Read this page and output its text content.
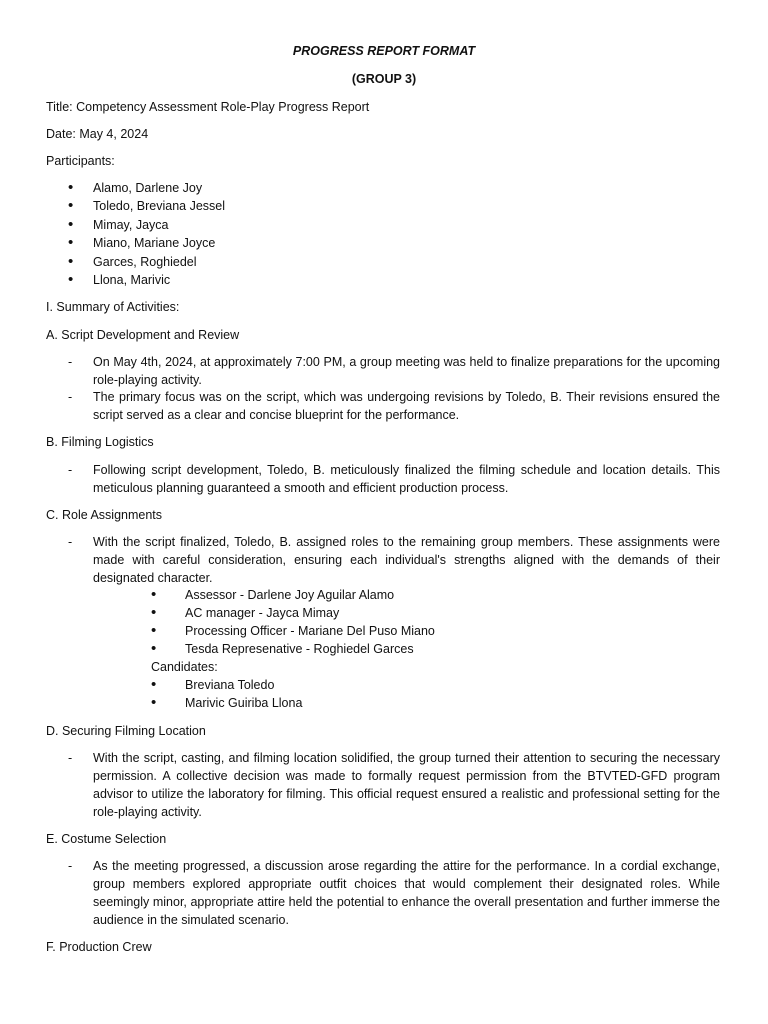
PROGRESS REPORT FORMAT
(GROUP 3)
Title: Competency Assessment Role-Play Progress Report
Date: May 4, 2024
Participants:
• Alamo, Darlene Joy
• Toledo, Breviana Jessel
• Mimay, Jayca
• Miano, Mariane Joyce
• Garces, Roghiedel
• Llona, Marivic
I. Summary of Activities:
A. Script Development and Review
- On May 4th, 2024, at approximately 7:00 PM, a group meeting was held to finalize preparations for the upcoming role-playing activity.
- The primary focus was on the script, which was undergoing revisions by Toledo, B. Their revisions ensured the script served as a clear and concise blueprint for the performance.
B. Filming Logistics
- Following script development, Toledo, B. meticulously finalized the filming schedule and location details. This meticulous planning guaranteed a smooth and efficient production process.
C. Role Assignments
- With the script finalized, Toledo, B. assigned roles to the remaining group members. These assignments were made with careful consideration, ensuring each individual's strengths aligned with the demands of their designated character.
• Assessor - Darlene Joy Aguilar Alamo
• AC manager - Jayca Mimay
• Processing Officer - Mariane Del Puso Miano
• Tesda Represenative - Roghiedel Garces
Candidates:
• Breviana Toledo
• Marivic Guiriba Llona
D. Securing Filming Location
- With the script, casting, and filming location solidified, the group turned their attention to securing the necessary permission. A collective decision was made to formally request permission from the BTVTED-GFD program advisor to utilize the laboratory for filming. This official request ensured a realistic and professional setting for the role-playing activity.
E. Costume Selection
- As the meeting progressed, a discussion arose regarding the attire for the performance. In a cordial exchange, group members explored appropriate outfit choices that would complement their designated roles. While seemingly minor, appropriate attire held the potential to enhance the overall presentation and further immerse the audience in the simulated scenario.
F. Production Crew
